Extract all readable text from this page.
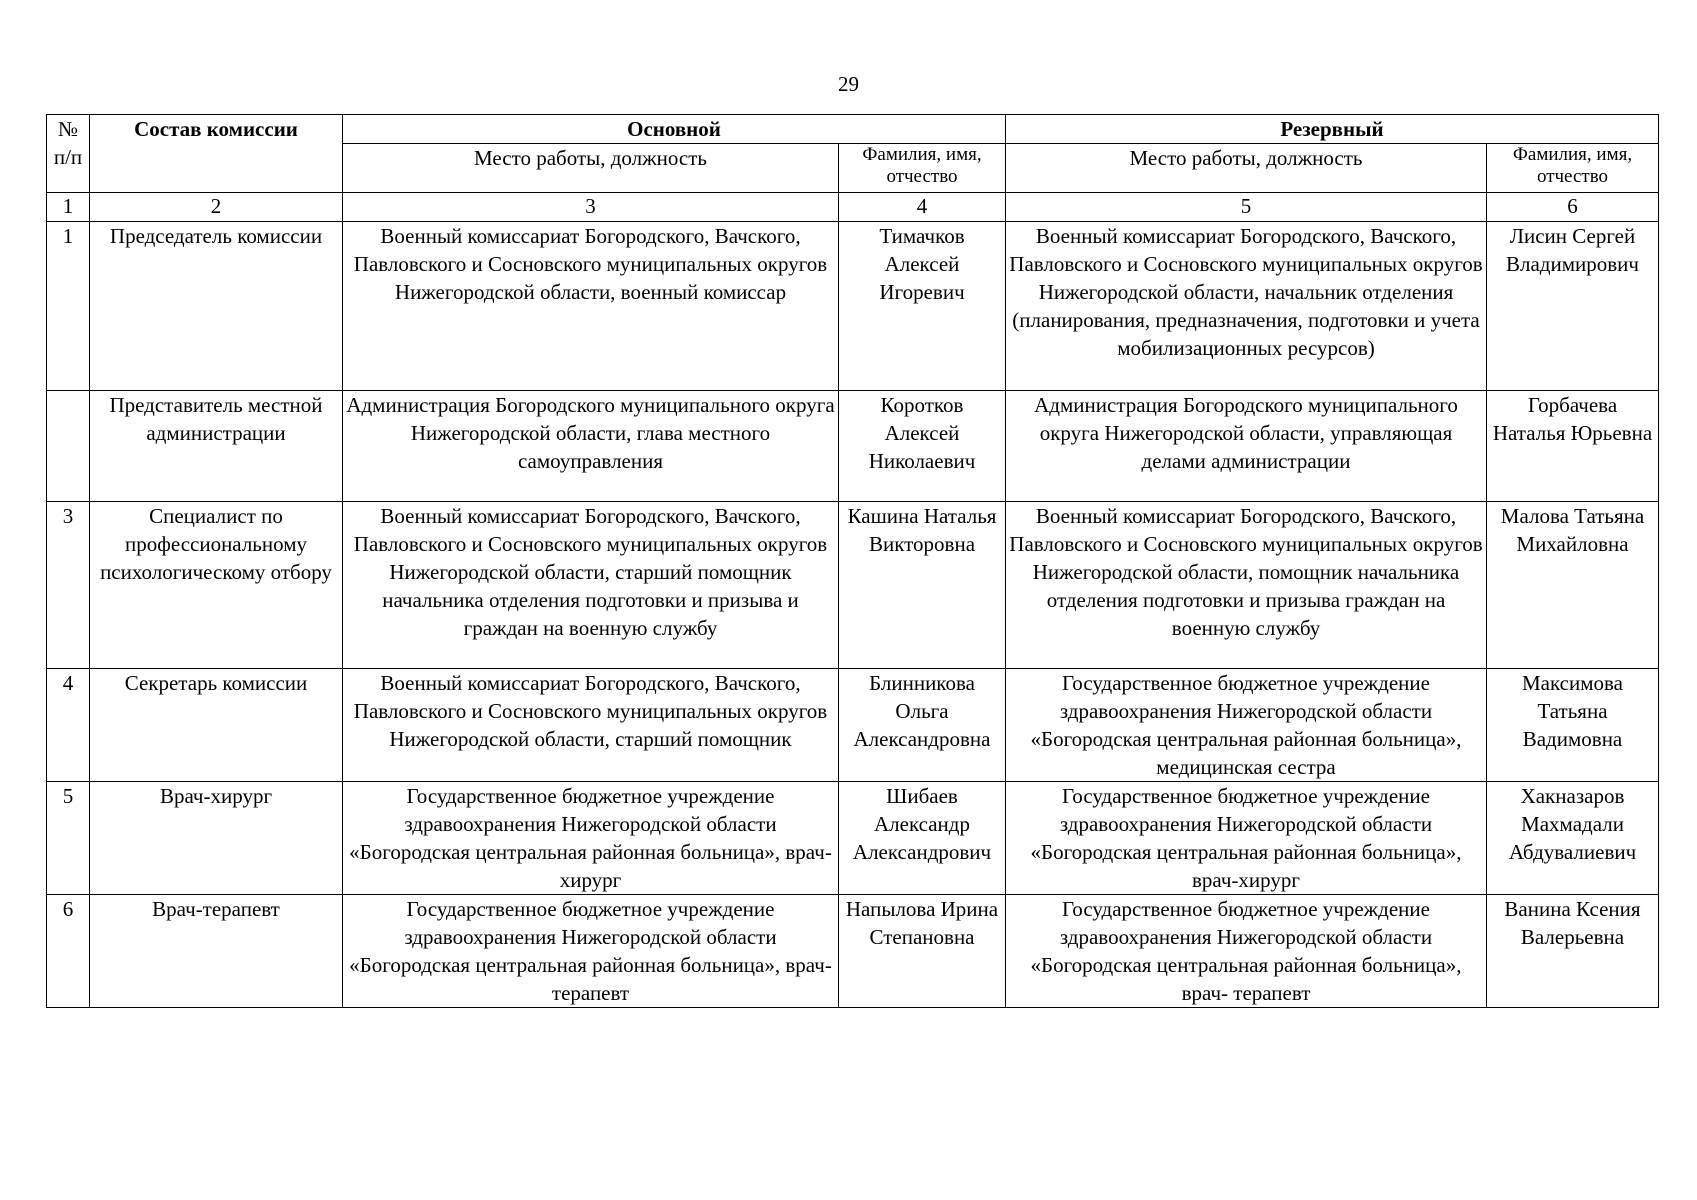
29
№ п/п	Состав комиссии	Основной		Резервный	
		Место работы, должность	Фамилия, имя, отчество	Место работы, должность	Фамилия, имя, отчество
1	2	3	4	5	6
1	Председатель комиссии	Военный комиссариат Богородского, Вачского, Павловского и Сосновского муниципальных округов Нижегородской области, военный комиссар	Тимачков Алексей Игоревич	Военный комиссариат Богородского, Вачского, Павловского и Сосновского муниципальных округов Нижегородской области, начальник отделения (планирования, предназначения, подготовки и учета мобилизационных ресурсов)	Лисин Сергей Владимирович
	Представитель местной администрации	Администрация Богородского муниципального округа Нижегородской области, глава местного самоуправления	Коротков Алексей Николаевич	Администрация Богородского муниципального округа Нижегородской области, управляющая делами администрации	Горбачева Наталья Юрьевна
3	Специалист по профессиональному психологическому отбору	Военный комиссариат Богородского, Вачского, Павловского и Сосновского муниципальных округов Нижегородской области, старший помощник начальника отделения подготовки и призыва и граждан на военную службу	Кашина Наталья Викторовна	Военный комиссариат Богородского, Вачского, Павловского и Сосновского муниципальных округов Нижегородской области, помощник начальника отделения подготовки и призыва граждан на военную службу	Малова Татьяна Михайловна
4	Секретарь комиссии	Военный комиссариат Богородского, Вачского, Павловского и Сосновского муниципальных округов Нижегородской области, старший помощник	Блинникова Ольга Александровна	Государственное бюджетное учреждение здравоохранения Нижегородской области «Богородская центральная районная больница», медицинская сестра	Максимова Татьяна Вадимовна
5	Врач-хирург	Государственное бюджетное учреждение здравоохранения Нижегородской области «Богородская центральная районная больница», врач-хирург	Шибаев Александр Александрович	Государственное бюджетное учреждение здравоохранения Нижегородской области «Богородская центральная районная больница», врач-хирург	Хакназаров Махмадали Абдувалиевич
6	Врач-терапевт	Государственное бюджетное учреждение здравоохранения Нижегородской области «Богородская центральная районная больница», врач- терапевт	Напылова Ирина Степановна	Государственное бюджетное учреждение здравоохранения Нижегородской области «Богородская центральная районная больница», врач- терапевт	Ванина Ксения Валерьевна
